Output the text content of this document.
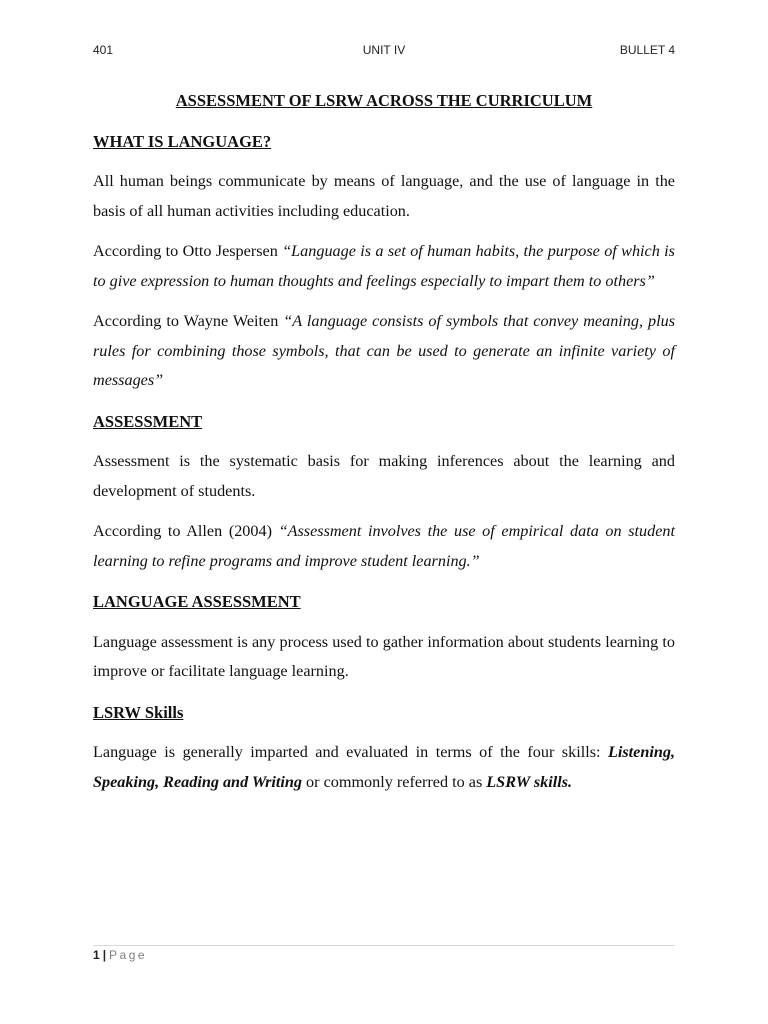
401	UNIT IV	BULLET 4
ASSESSMENT OF LSRW ACROSS THE CURRICULUM
WHAT IS LANGUAGE?

All human beings communicate by means of language, and the use of language in the basis of all human activities including education.

According to Otto Jespersen “Language is a set of human habits, the purpose of which is to give expression to human thoughts and feelings especially to impart them to others”

According to Wayne Weiten “A language consists of symbols that convey meaning, plus rules for combining those symbols, that can be used to generate an infinite variety of messages”

ASSESSMENT

Assessment is the systematic basis for making inferences about the learning and development of students.

According to Allen (2004) “Assessment involves the use of empirical data on student learning to refine programs and improve student learning.”

LANGUAGE ASSESSMENT

Language assessment is any process used to gather information about students learning to improve or facilitate language learning.

LSRW Skills

Language is generally imparted and evaluated in terms of the four skills: Listening, Speaking, Reading and Writing or commonly referred to as LSRW skills.

1 | Page
